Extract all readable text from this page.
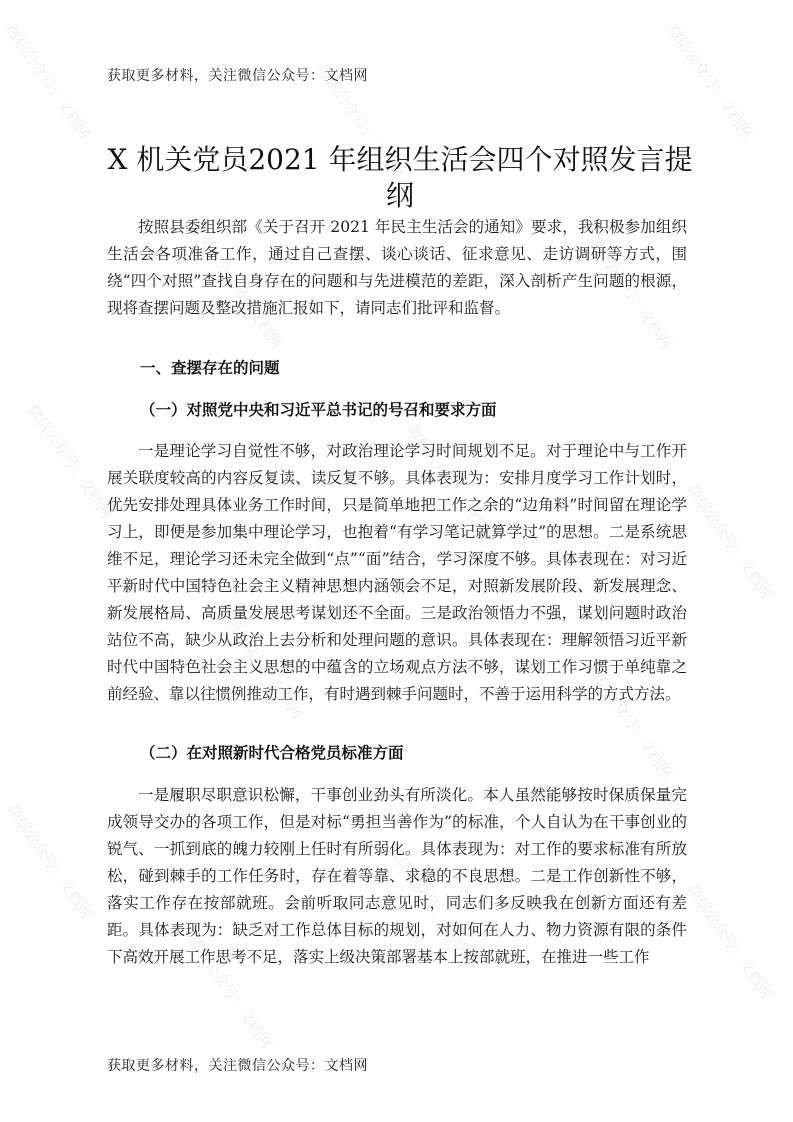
微信公众号：文档网	微信公众号：文档网	微信公众号：文档网
微信公众号：文档网	微信公众号：文档网
微信公众号：文档网	微信公众号：文档网	微信公众号：文档网
微信公众号：文档网	微信公众号：文档网
微信公众号：文档网	微信公众号：文档网	微信公众号：文档网
微信公众号：文档网
获取更多材料，关注微信公众号：文档网
X 机关党员2021 年组织生活会四个对照发言提纲

按照县委组织部《关于召开 2021 年民主生活会的通知》要求，我积极参加组织生活会各项准备工作，通过自己查摆、谈心谈话、征求意见、走访调研等方式，围绕“四个对照”查找自身存在的问题和与先进模范的差距，深入剖析产生问题的根源，现将查摆问题及整改措施汇报如下，请同志们批评和监督。

一、查摆存在的问题
（一）对照党中央和习近平总书记的号召和要求方面

一是理论学习自觉性不够，对政治理论学习时间规划不足。对于理论中与工作开展关联度较高的内容反复读、读反复不够。具体表现为：安排月度学习工作计划时，优先安排处理具体业务工作时间，只是简单地把工作之余的“边角料”时间留在理论学习上，即便是参加集中理论学习，也抱着“有学习笔记就算学过”的思想。二是系统思维不足，理论学习还未完全做到“点”“面”结合，学习深度不够。具体表现在：对习近平新时代中国特色社会主义精神思想内涵领会不足，对照新发展阶段、新发展理念、新发展格局、高质量发展思考谋划还不全面。三是政治领悟力不强，谋划问题时政治站位不高，缺少从政治上去分析和处理问题的意识。具体表现在：理解领悟习近平新时代中国特色社会主义思想的中蕴含的立场观点方法不够，谋划工作习惯于单纯靠之前经验、靠以往惯例推动工作，有时遇到棘手问题时，不善于运用科学的方式方法。

（二）在对照新时代合格党员标准方面

一是履职尽职意识松懈，干事创业劲头有所淡化。本人虽然能够按时保质保量完成领导交办的各项工作，但是对标“勇担当善作为”的标准，个人自认为在干事创业的锐气、一抓到底的魄力较刚上任时有所弱化。具体表现为：对工作的要求标准有所放松，碰到棘手的工作任务时，存在着等靠、求稳的不良思想。二是工作创新性不够，落实工作存在按部就班。会前听取同志意见时，同志们多反映我在创新方面还有差距。具体表现为：缺乏对工作总体目标的规划，对如何在人力、物力资源有限的条件下高效开展工作思考不足，落实上级决策部署基本上按部就班，在推进一些工作

获取更多材料，关注微信公众号：文档网
